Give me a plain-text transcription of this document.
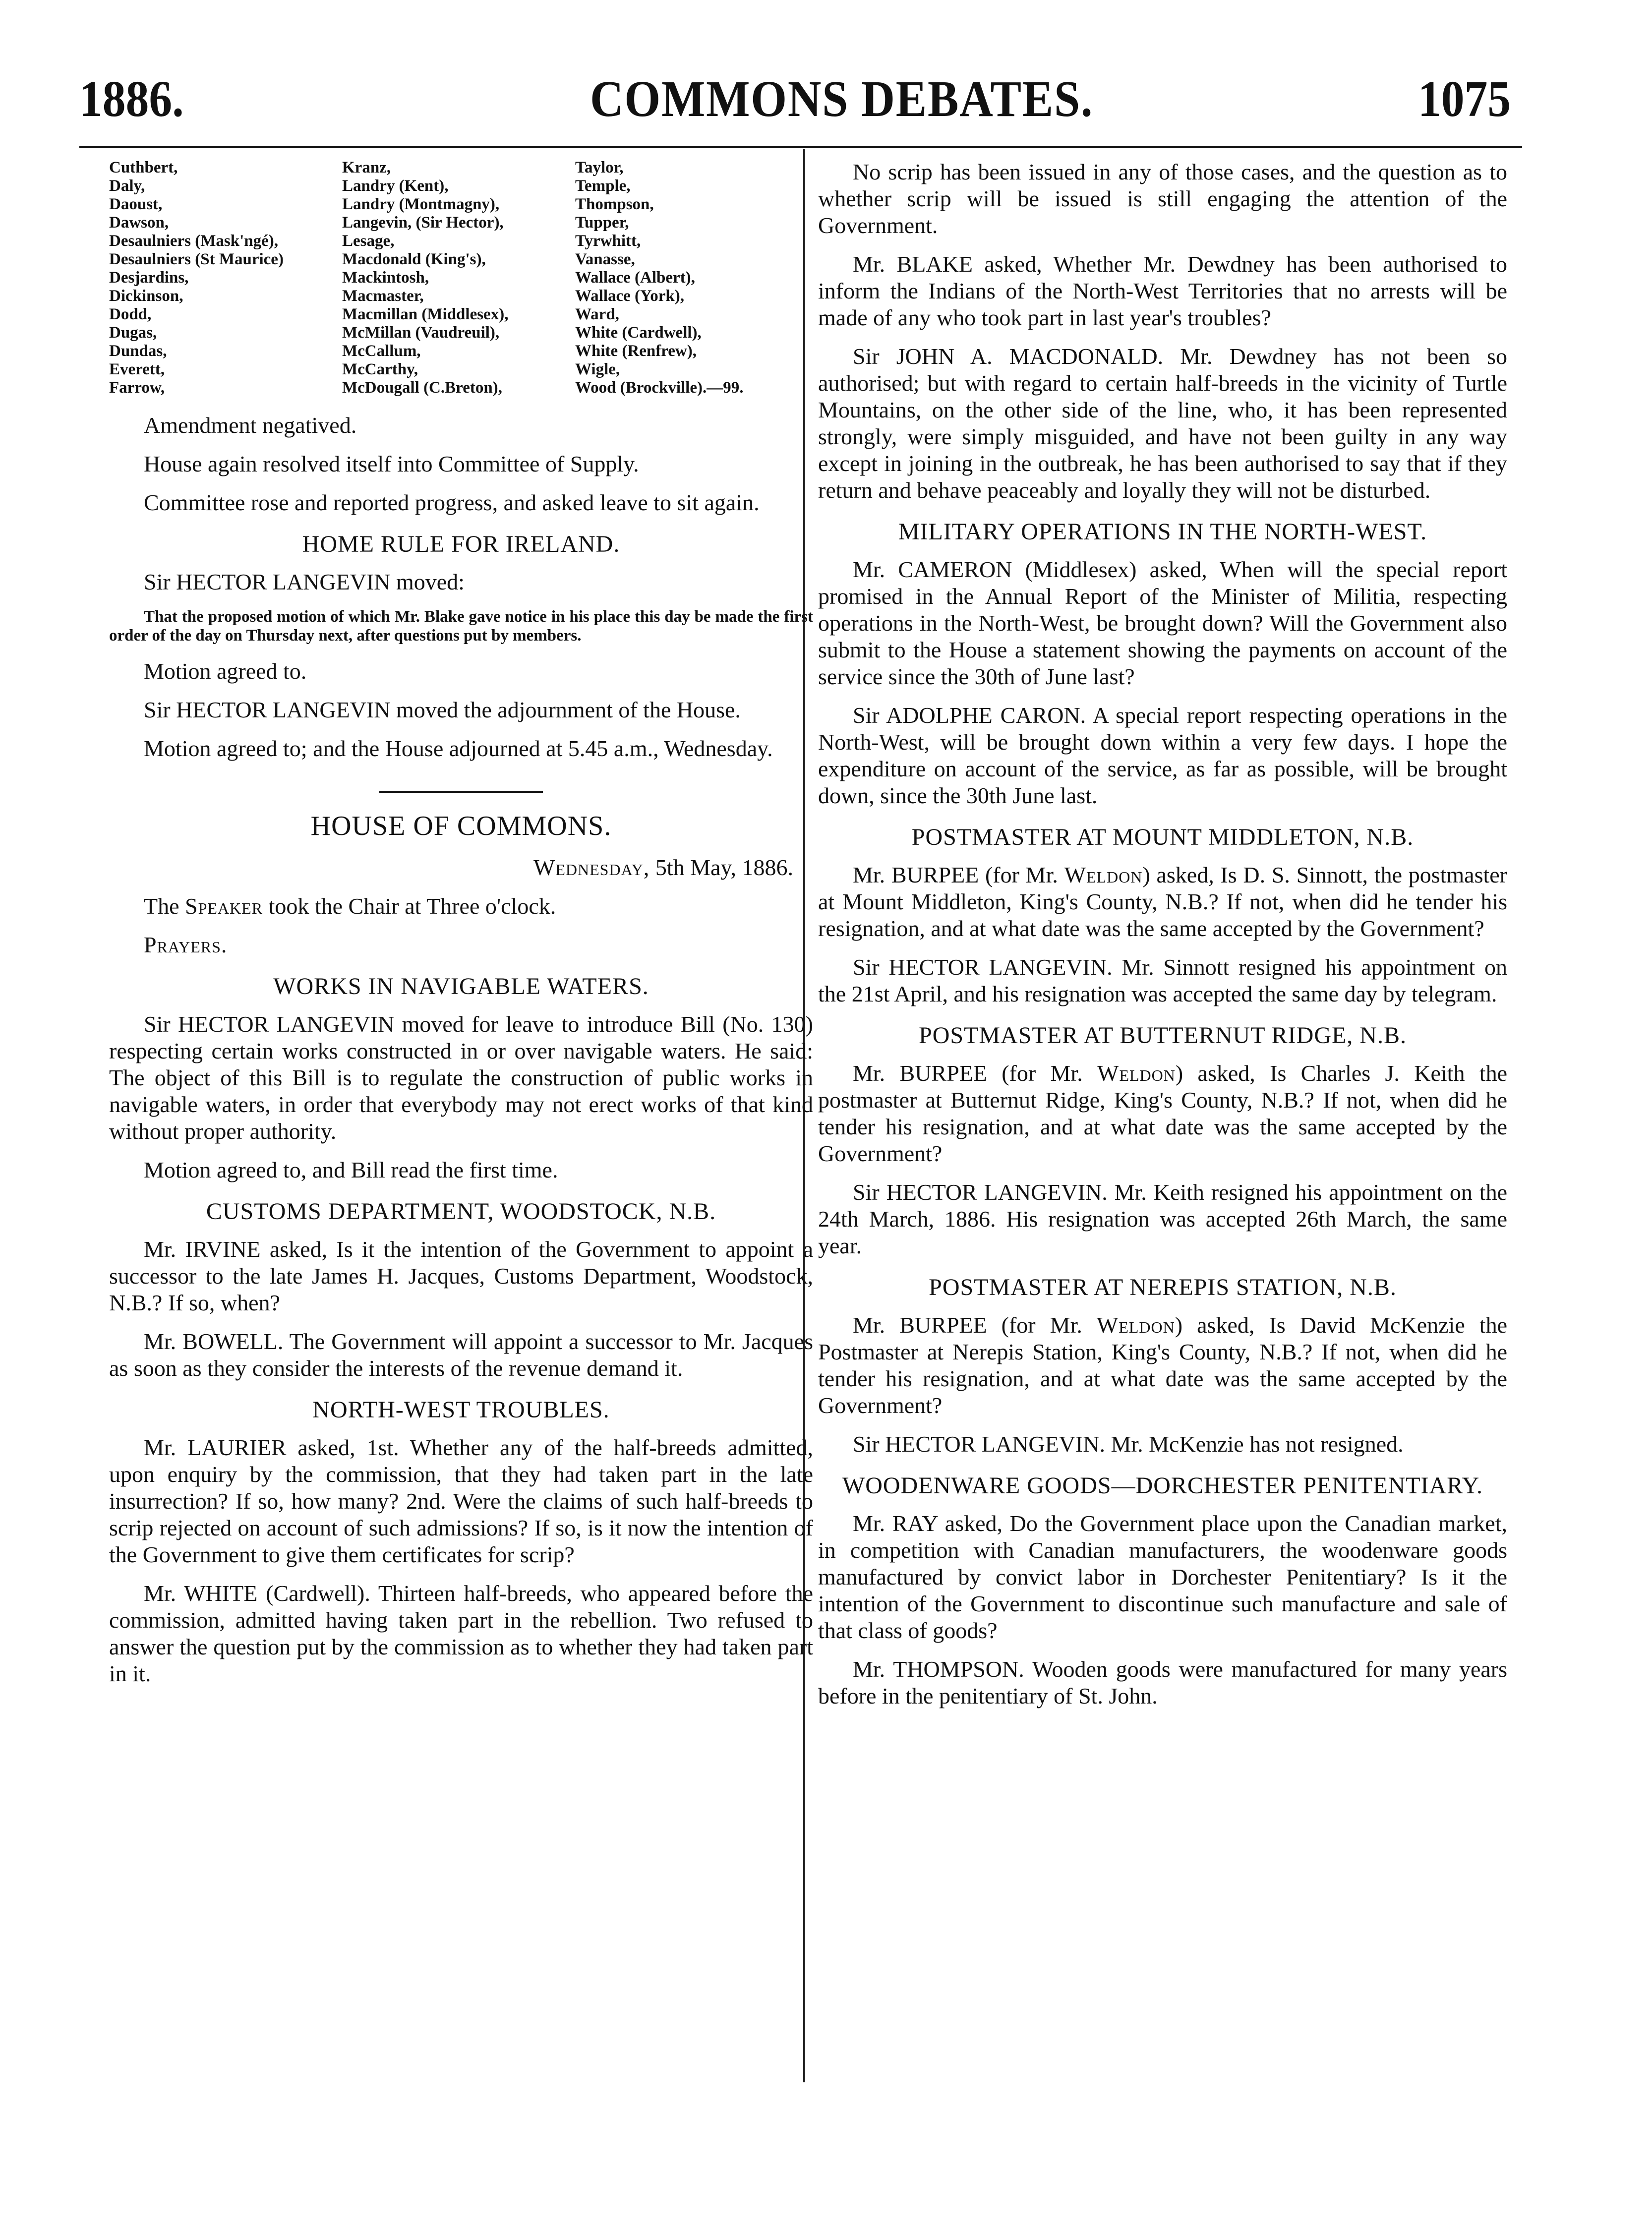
1886.	COMMONS DEBATES.	1075
Cuthbert,	Kranz,	Taylor,
Daly,	Landry (Kent),	Temple,
Daoust,	Landry (Montmagny),	Thompson,
Dawson,	Langevin, (Sir Hector),	Tupper,
Desaulniers (Mask'ngé),	Lesage,	Tyrwhitt,
Desaulniers (St Maurice)	Macdonald (King's),	Vanasse,
Desjardins,	Mackintosh,	Wallace (Albert),
Dickinson,	Macmaster,	Wallace (York),
Dodd,	Macmillan (Middlesex),	Ward,
Dugas,	McMillan (Vaudreuil),	White (Cardwell),
Dundas,	McCallum,	White (Renfrew),
Everett,	McCarthy,	Wigle,
Farrow,	McDougall (C.Breton),	Wood (Brockville).—99.

Amendment negatived.

House again resolved itself into Committee of Supply.

Committee rose and reported progress, and asked leave to sit again.

HOME RULE FOR IRELAND.

Sir HECTOR LANGEVIN moved:

That the proposed motion of which Mr. Blake gave notice in his place this day be made the first order of the day on Thursday next, after questions put by members.

Motion agreed to.

Sir HECTOR LANGEVIN moved the adjournment of the House.

Motion agreed to; and the House adjourned at 5.45 a.m., Wednesday.

HOUSE OF COMMONS.

Wednesday, 5th May, 1886.

The Speaker took the Chair at Three o'clock.

Prayers.

WORKS IN NAVIGABLE WATERS.

Sir HECTOR LANGEVIN moved for leave to introduce Bill (No. 130) respecting certain works constructed in or over navigable waters. He said: The object of this Bill is to regulate the construction of public works in navigable waters, in order that everybody may not erect works of that kind without proper authority.

Motion agreed to, and Bill read the first time.

CUSTOMS DEPARTMENT, WOODSTOCK, N.B.

Mr. IRVINE asked, Is it the intention of the Government to appoint a successor to the late James H. Jacques, Customs Department, Woodstock, N.B.? If so, when?

Mr. BOWELL. The Government will appoint a successor to Mr. Jacques as soon as they consider the interests of the revenue demand it.

NORTH-WEST TROUBLES.

Mr. LAURIER asked, 1st. Whether any of the half-breeds admitted, upon enquiry by the commission, that they had taken part in the late insurrection? If so, how many? 2nd. Were the claims of such half-breeds to scrip rejected on account of such admissions? If so, is it now the intention of the Government to give them certificates for scrip?

Mr. WHITE (Cardwell). Thirteen half-breeds, who appeared before the commission, admitted having taken part in the rebellion. Two refused to answer the question put by the commission as to whether they had taken part in it.

No scrip has been issued in any of those cases, and the question as to whether scrip will be issued is still engaging the attention of the Government.

Mr. BLAKE asked, Whether Mr. Dewdney has been authorised to inform the Indians of the North-West Territories that no arrests will be made of any who took part in last year's troubles?

Sir JOHN A. MACDONALD. Mr. Dewdney has not been so authorised; but with regard to certain half-breeds in the vicinity of Turtle Mountains, on the other side of the line, who, it has been represented strongly, were simply misguided, and have not been guilty in any way except in joining in the outbreak, he has been authorised to say that if they return and behave peaceably and loyally they will not be disturbed.

MILITARY OPERATIONS IN THE NORTH-WEST.

Mr. CAMERON (Middlesex) asked, When will the special report promised in the Annual Report of the Minister of Militia, respecting operations in the North-West, be brought down? Will the Government also submit to the House a statement showing the payments on account of the service since the 30th of June last?

Sir ADOLPHE CARON. A special report respecting operations in the North-West, will be brought down within a very few days. I hope the expenditure on account of the service, as far as possible, will be brought down, since the 30th June last.

POSTMASTER AT MOUNT MIDDLETON, N.B.

Mr. BURPEE (for Mr. Weldon) asked, Is D. S. Sinnott, the postmaster at Mount Middleton, King's County, N.B.? If not, when did he tender his resignation, and at what date was the same accepted by the Government?

Sir HECTOR LANGEVIN. Mr. Sinnott resigned his appointment on the 21st April, and his resignation was accepted the same day by telegram.

POSTMASTER AT BUTTERNUT RIDGE, N.B.

Mr. BURPEE (for Mr. Weldon) asked, Is Charles J. Keith the postmaster at Butternut Ridge, King's County, N.B.? If not, when did he tender his resignation, and at what date was the same accepted by the Government?

Sir HECTOR LANGEVIN. Mr. Keith resigned his appointment on the 24th March, 1886. His resignation was accepted 26th March, the same year.

POSTMASTER AT NEREPIS STATION, N.B.

Mr. BURPEE (for Mr. Weldon) asked, Is David McKenzie the Postmaster at Nerepis Station, King's County, N.B.? If not, when did he tender his resignation, and at what date was the same accepted by the Government?

Sir HECTOR LANGEVIN. Mr. McKenzie has not resigned.

WOODENWARE GOODS—DORCHESTER PENITENTIARY.

Mr. RAY asked, Do the Government place upon the Canadian market, in competition with Canadian manufacturers, the woodenware goods manufactured by convict labor in Dorchester Penitentiary? Is it the intention of the Government to discontinue such manufacture and sale of that class of goods?

Mr. THOMPSON. Wooden goods were manufactured for many years before in the penitentiary of St. John.
